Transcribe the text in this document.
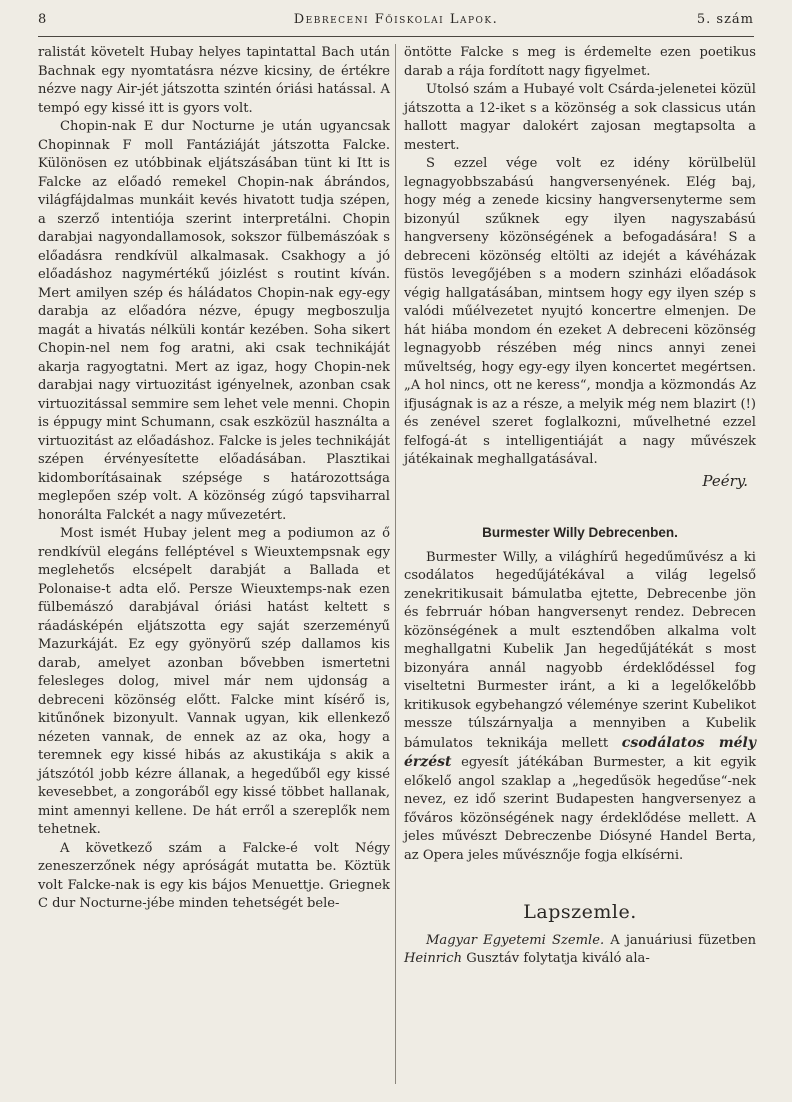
8	Debreceni Főiskolai Lapok.	5. szám

ralistát követelt Hubay helyes tapintattal Bach után Bachnak egy nyomtatásra nézve kicsiny, de értékre nézve nagy Air-jét játszotta szintén óriási hatással. A tempó egy kissé itt is gyors volt.

Chopin-nak E dur Nocturne je után ugyancsak Chopinnak F moll Fantáziáját játszotta Falcke. Különösen ez utóbbinak eljátszásában tünt ki Itt is Falcke az előadó remekel Chopin-nak ábrándos, világfájdalmas munkáit kevés hivatott tudja szépen, a szerző intentiója szerint interpretálni. Chopin darabjai nagyondallamosok, sokszor fülbemászóak s előadásra rendkívül alkalmasak. Csakhogy a jó előadáshoz nagymértékű jóizlést s routint kíván. Mert amilyen szép és háládatos Chopin-nak egy-egy darabja az előadóra nézve, épugy megboszulja magát a hivatás nélküli kontár kezében. Soha sikert Chopin-nel nem fog aratni, aki csak technikáját akarja ragyogtatni. Mert az igaz, hogy Chopin-nek darabjai nagy virtuozitást igényelnek, azonban csak virtuozitással semmire sem lehet vele menni. Chopin is éppugy mint Schumann, csak eszközül használta a virtuozitást az előadáshoz. Falcke is jeles technikáját szépen érvényesítette előadásában. Plasztikai kidomborításainak szépsége s határozottsága meglepően szép volt. A közönség zúgó tapsviharral honorálta Falckét a nagy művezetért.

Most ismét Hubay jelent meg a podiumon az ő rendkívül elegáns felléptével s Wieuxtempsnak egy meglehetős elcsépelt darabját a Ballada et Polonaise-t adta elő. Persze Wieuxtemps-nak ezen fülbemászó darabjával óriási hatást keltett s ráadásképén eljátszotta egy saját szerzeményű Mazurkáját. Ez egy gyönyörű szép dallamos kis darab, amelyet azonban bővebben ismertetni felesleges dolog, mivel már nem ujdonság a debreceni közönség előtt. Falcke mint kísérő is, kitűnőnek bizonyult. Vannak ugyan, kik ellenkező nézeten vannak, de ennek az az oka, hogy a teremnek egy kissé hibás az akustikája s akik a játszótól jobb kézre állanak, a hegedűből egy kissé kevesebbet, a zongoráből egy kissé többet hallanak, mint amennyi kellene. De hát erről a szereplők nem tehetnek.

A következő szám a Falcke-é volt Négy zeneszerzőnek négy apróságát mutatta be. Köztük volt Falcke-nak is egy kis bájos Menuettje. Griegnek C dur Nocturne-jébe minden tehetségét bele-

öntötte Falcke s meg is érdemelte ezen poetikus darab a rája fordított nagy figyelmet.

Utolsó szám a Hubayé volt Csárda-jelenetei közül játszotta a 12-iket s a közönség a sok classicus után hallott magyar dalokért zajosan megtapsolta a mestert.

S ezzel vége volt ez idény körülbelül legnagyobbszabású hangversenyének. Elég baj, hogy még a zenede kicsiny hangversenyterme sem bizonyúl szűknek egy ilyen nagyszabású hangverseny közönségének a befogadására! S a debreceni közönség eltölti az idejét a kávéházak füstös levegőjében s a modern szinházi előadások végig hallgatásában, mintsem hogy egy ilyen szép s valódi műélvezetet nyujtó koncertre elmenjen. De hát hiába mondom én ezeket A debreceni közönség legnagyobb részében még nincs annyi zenei műveltség, hogy egy-egy ilyen koncertet megértsen. „A hol nincs, ott ne keress“, mondja a közmondás Az ifjuságnak is az a része, a melyik még nem blazirt (!) és zenével szeret foglalkozni, művelhetné ezzel felfogá-át s intelligentiáját a nagy művészek játékainak meghallgatásával.

Peéry.

Burmester Willy Debrecenben.

Burmester Willy, a világhírű hegedűművész a ki csodálatos hegedűjátékával a világ legelső zenekritikusait bámulatba ejtette, Debrecenbe jön és febrruár hóban hangversenyt rendez. Debrecen közönségének a mult esztendőben alkalma volt meghallgatni Kubelik Jan hegedűjátékát s most bizonyára annál nagyobb érdeklődéssel fog viseltetni Burmester iránt, a ki a legelőkelőbb kritikusok egybehangzó véleménye szerint Kubelikot messze túlszárnyalja a mennyiben a Kubelik bámulatos teknikája mellett csodálatos mély érzést egyesít játékában Burmester, a kit egyik előkelő angol szaklap a „hegedűsök hegedűse“-nek nevez, ez idő szerint Budapesten hangversenyez a főváros közönségének nagy érdeklődése mellett. A jeles művészt Debreczenbe Diósyné Handel Berta, az Opera jeles művésznője fogja elkísérni.

Lapszemle.

Magyar Egyetemi Szemle. A januáriusi füzetben Heinrich Gusztáv folytatja kiváló ala-
